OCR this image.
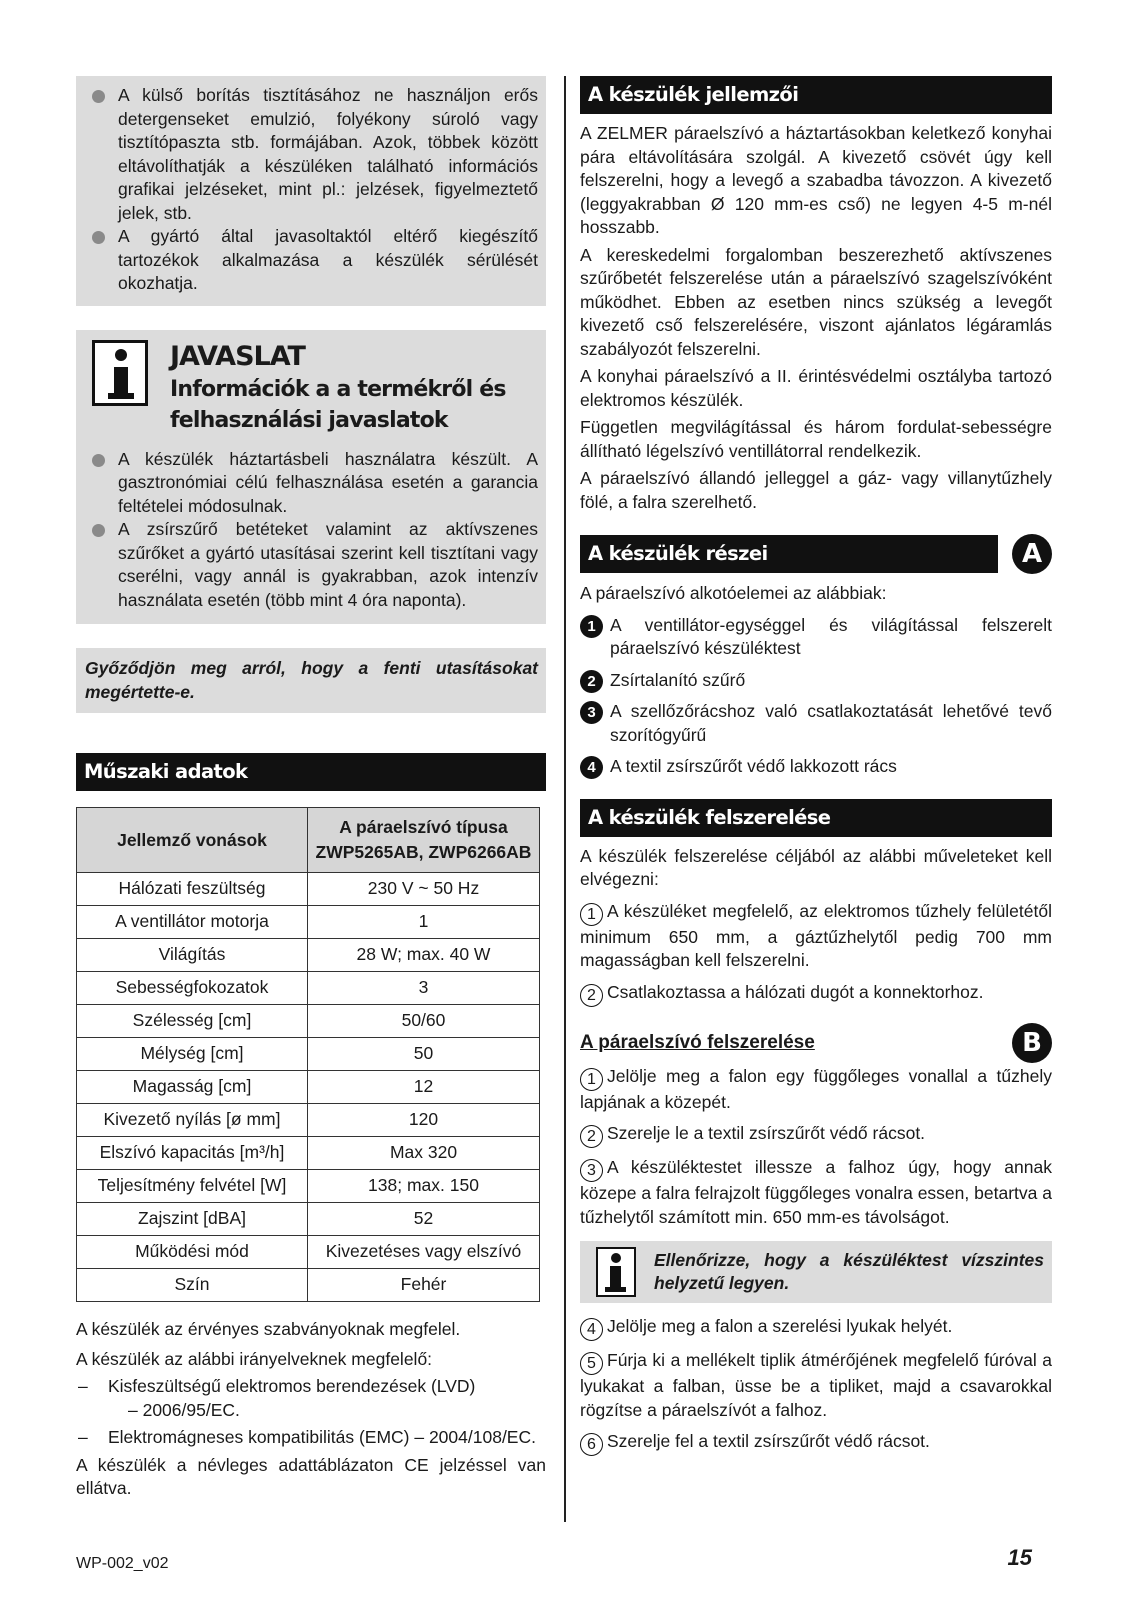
A külső borítás tisztításához ne használjon erős detergenseket emulzió, folyékony súroló vagy tisztítópaszta stb. formájában. Azok, többek között eltávolíthatják a készüléken található információs grafikai jelzéseket, mint pl.: jelzések, figyelmeztető jelek, stb.
A gyártó által javasoltaktól eltérő kiegészítő tartozékok alkalmazása a készülék sérülését okozhatja.
JAVASLAT
Információk a a termékről és
felhasználási javaslatok
A készülék háztartásbeli használatra készült. A gasztronómiai célú felhasználása esetén a garancia feltételei módosulnak.
A zsírszűrő betéteket valamint az aktívszenes szűrőket a gyártó utasításai szerint kell tisztítani vagy cserélni, vagy annál is gyakrabban, azok intenzív használata esetén (több mint 4 óra naponta).
Győződjön meg arról, hogy a fenti utasításokat megértette-e.
Műszaki adatok
Jellemző vonások	A páraelszívó típusa
ZWP5265AB, ZWP6266AB

Hálózati feszültség	230 V ~ 50 Hz
A ventillátor motorja	1
Világítás	28 W; max. 40 W
Sebességfokozatok	3
Szélesség [cm]	50/60
Mélység [cm]	50
Magasság [cm]	12
Kivezető nyílás [ø mm]	120
Elszívó kapacitás [m³/h]	Max 320
Teljesítmény felvétel [W]	138; max. 150
Zajszint [dBA]	52
Működési mód	Kivezetéses vagy elszívó
Szín	Fehér

A készülék az érvényes szabványoknak megfelel.

A készülék az alábbi irányelveknek megfelelő:

– Kisfeszültségű elektromos berendezések (LVD)
– 2006/95/EC.
– Elektromágneses kompatibilitás (EMC) – 2004/108/EC.

A készülék a névleges adattáblázaton CE jelzéssel van ellátva.

A készülék jellemzői

A ZELMER páraelszívó a háztartásokban keletkező konyhai pára eltávolítására szolgál. A kivezető csövét úgy kell felszerelni, hogy a levegő a szabadba távozzon. A kivezető (leggyakrabban Ø 120 mm-es cső) ne legyen 4-5 m-nél hosszabb.

A kereskedelmi forgalomban beszerezhető aktívszenes szűrőbetét felszerelése után a páraelszívó szagelszívóként működhet. Ebben az esetben nincs szükség a levegőt kivezető cső felszerelésére, viszont ajánlatos légáramlás szabályozót felszerelni.

A konyhai páraelszívó a II. érintésvédelmi osztályba tartozó elektromos készülék.

Független megvilágítással és három fordulat-sebességre állítható légelszívó ventillátorral rendelkezik.

A páraelszívó állandó jelleggel a gáz- vagy villanytűzhely fölé, a falra szerelhető.

A készülék részei	A

A páraelszívó alkotóelemei az alábbiak:

1 A ventillátor-egységgel és világítással felszerelt páraelszívó készüléktest
2 Zsírtalanító szűrő
3 A szellőzőrácshoz való csatlakoztatását lehetővé tevő szorítógyűrű
4 A textil zsírszűrőt védő lakkozott rács
A készülék felszerelése

A készülék felszerelése céljából az alábbi műveleteket kell elvégezni:

1 A készüléket megfelelő, az elektromos tűzhely felületétől minimum 650 mm, a gáztűzhelytől pedig 700 mm magasságban kell felszerelni.

2 Csatlakoztassa a hálózati dugót a konnektorhoz.

A páraelszívó felszerelése	B

1 Jelölje meg a falon egy függőleges vonallal a tűzhely lapjának a közepét.

2 Szerelje le a textil zsírszűrőt védő rácsot.

3 A készüléktestet illessze a falhoz úgy, hogy annak közepe a falra felrajzolt függőleges vonalra essen, betartva a tűzhelytől számított min. 650 mm-es távolságot.

Ellenőrizze, hogy a készüléktest vízszintes helyzetű legyen.

4 Jelölje meg a falon a szerelési lyukak helyét.

5 Fúrja ki a mellékelt tiplik átmérőjének megfelelő fúróval a lyukakat a falban, üsse be a tipliket, majd a csavarokkal rögzítse a páraelszívót a falhoz.

6 Szerelje fel a textil zsírszűrőt védő rácsot.

WP-002_v02	15
